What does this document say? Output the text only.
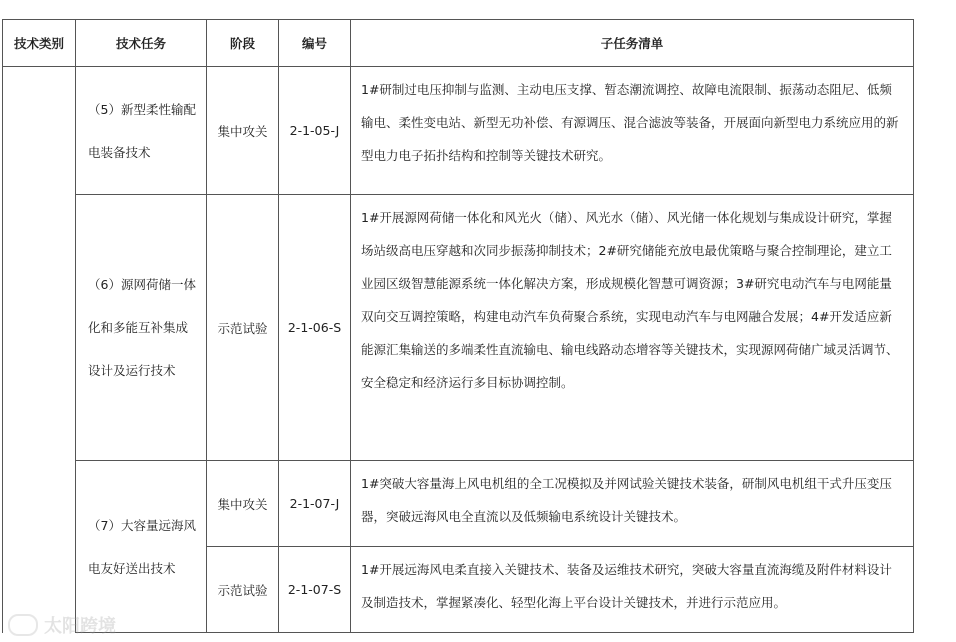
技术类别	技术任务	阶段	编号	子任务清单
	（5）新型柔性输配电装备技术	集中攻关	2-1-05-J	1#研制过电压抑制与监测、主动电压支撑、暂态潮流调控、故障电流限制、振荡动态阻尼、低频输电、柔性变电站、新型无功补偿、有源调压、混合滤波等装备，开展面向新型电力系统应用的新型电力电子拓扑结构和控制等关键技术研究。
	（6）源网荷储一体化和多能互补集成设计及运行技术	示范试验	2-1-06-S	1#开展源网荷储一体化和风光火（储）、风光水（储）、风光储一体化规划与集成设计研究，掌握场站级高电压穿越和次同步振荡抑制技术；2#研究储能充放电最优策略与聚合控制理论，建立工业园区级智慧能源系统一体化解决方案，形成规模化智慧可调资源；3#研究电动汽车与电网能量双向交互调控策略，构建电动汽车负荷聚合系统，实现电动汽车与电网融合发展；4#开发适应新能源汇集输送的多端柔性直流输电、输电线路动态增容等关键技术，实现源网荷储广域灵活调节、安全稳定和经济运行多目标协调控制。
	（7）大容量远海风电友好送出技术	集中攻关	2-1-07-J	1#突破大容量海上风电机组的全工况模拟及并网试验关键技术装备，研制风电机组干式升压变压器，突破远海风电全直流以及低频输电系统设计关键技术。
		示范试验	2-1-07-S	1#开展远海风电柔直接入关键技术、装备及运维技术研究，突破大容量直流海缆及附件材料设计及制造技术，掌握紧凑化、轻型化海上平台设计关键技术，并进行示范应用。
太阳跨境
